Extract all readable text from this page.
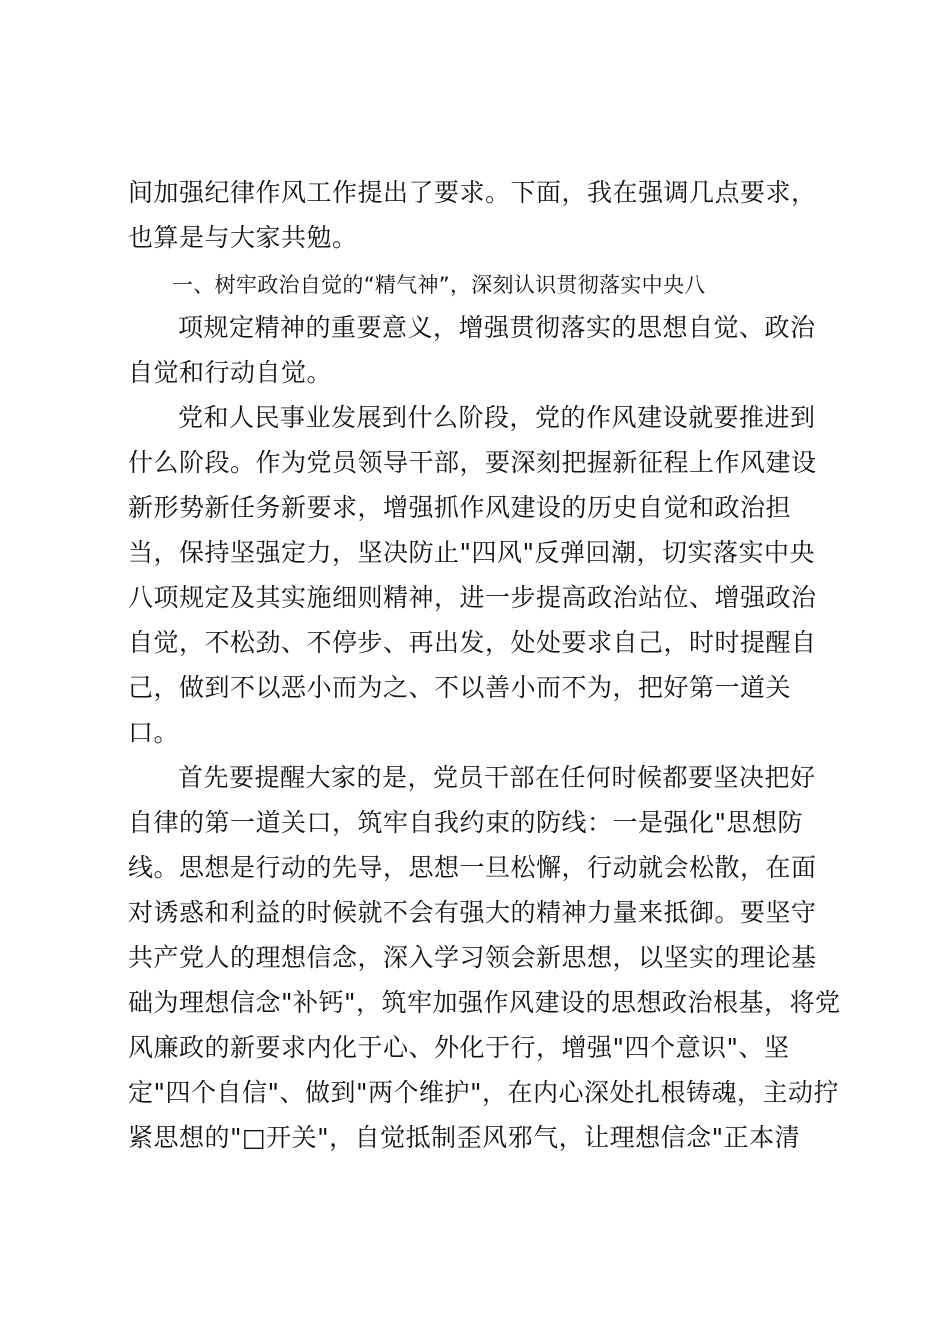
间加强纪律作风工作提出了要求。下面，我在强调几点要求，
也算是与大家共勉。
一、树牢政治自觉的“精气神”，深刻认识贯彻落实中央八
项规定精神的重要意义，增强贯彻落实的思想自觉、政治
自觉和行动自觉。
党和人民事业发展到什么阶段，党的作风建设就要推进到
什么阶段。作为党员领导干部，要深刻把握新征程上作风建设
新形势新任务新要求，增强抓作风建设的历史自觉和政治担
当，保持坚强定力，坚决防止"四风"反弹回潮，切实落实中央
八项规定及其实施细则精神，进一步提高政治站位、增强政治
自觉，不松劲、不停步、再出发，处处要求自己，时时提醒自
己，做到不以恶小而为之、不以善小而不为，把好第一道关
口。
首先要提醒大家的是，党员干部在任何时候都要坚决把好
自律的第一道关口，筑牢自我约束的防线：一是强化"思想防
线。思想是行动的先导，思想一旦松懈，行动就会松散，在面
对诱惑和利益的时候就不会有强大的精神力量来抵御。要坚守
共产党人的理想信念，深入学习领会新思想，以坚实的理论基
础为理想信念"补钙"，筑牢加强作风建设的思想政治根基，将党
风廉政的新要求内化于心、外化于行，增强"四个意识"、坚
定"四个自信"、做到"两个维护"，在内心深处扎根铸魂，主动拧
紧思想的"□开关"，自觉抵制歪风邪气，让理想信念"正本清
